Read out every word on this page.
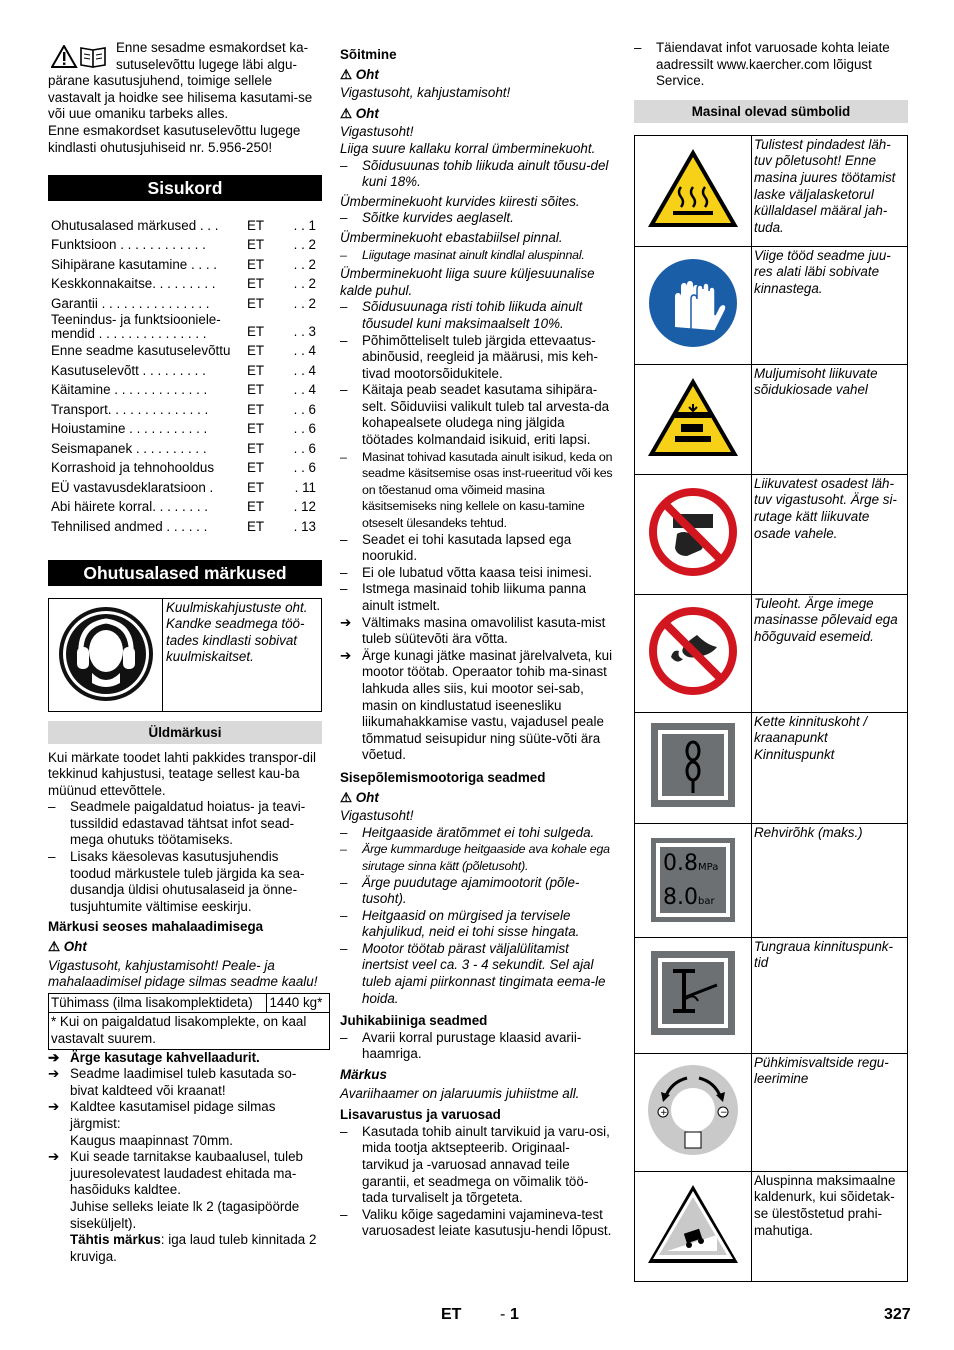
Enne sesadme esmakordset ka-

sutuselevõttu lugege läbi algu-

pärane kasutusjuhend, toimige sellele vastavalt ja hoidke see hilisema kasutami-se või uue omaniku tarbeks alles.

Enne esmakordset kasutuselevõttu lugege kindlasti ohutusjuhiseid nr. 5.956-250!

Sisukord
Ohutusalased märkused . . .	ET	. . 1
Funktsioon . . . . . . . . . . . .	ET	. . 2
Sihipärane kasutamine . . . .	ET	. . 2
Keskkonnakaitse. . . . . . . . .	ET	. . 2
Garantii . . . . . . . . . . . . . . .	ET	. . 2
Teenindus- ja funktsiooniele-mendid . . . . . . . . . . . . . . .	ET	. . 3
Enne seadme kasutuselevõttu	ET	. . 4
Kasutuselevõtt . . . . . . . . .	ET	. . 4
Käitamine . . . . . . . . . . . . .	ET	. . 4
Transport. . . . . . . . . . . . . .	ET	. . 6
Hoiustamine . . . . . . . . . . .	ET	. . 6
Seismapanek . . . . . . . . . .	ET	. . 6
Korrashoid ja tehnohooldus	ET	. . 6
EÜ vastavusdeklaratsioon .	ET	. 11
Abi häirete korral. . . . . . . .	ET	. 12
Tehnilised andmed . . . . . .	ET	. 13
Ohutusalased märkused
Kuulmiskahjustuste oht. Kandke seadmega töö-tades kindlasti sobivat kuulmiskaitset.
Üldmärkusi

Kui märkate toodet lahti pakkides transpor-dil tekkinud kahjustusi, teatage sellest kau-ba müünud ettevõttele.

–	Seadmele paigaldatud hoiatus- ja teavi-tussildid edastavad tähtsat infot sead-mega ohutuks töötamiseks.
–	Lisaks käesolevas kasutusjuhendis toodud märkustele tuleb järgida ka sea-dusandja üldisi ohutusalaseid ja önne-tusjuhtumite vältimise eeskirju.

Märkusi seoses mahalaadimisega

⚠ Oht

Vigastusoht, kahjustamisoht! Peale- ja mahalaadimisel pidage silmas seadme kaalu!

Tühimass (ilma lisakomplektideta)	1440 kg*
* Kui on paigaldatud lisakomplekte, on kaal vastavalt suurem.
➔ Ärge kasutage kahvellaadurit.
➔ Seadme laadimisel tuleb kasutada so-bivat kaldteed või kraanat!
➔ Kaldtee kasutamisel pidage silmas järgmist:

Kaugus maapinnast 70mm.

➔ Kui seade tarnitakse kaubaalusel, tuleb juuresolevatest laudadest ehitada ma-hasõiduks kaldtee.

Juhise selleks leiate lk 2 (tagasipöörde siseküljelt).

Tähtis märkus: iga laud tuleb kinnitada 2 kruviga.

Sõitmine

⚠ Oht

Vigastusoht, kahjustamisoht!

⚠ Oht

Vigastusoht!

Liiga suure kallaku korral ümberminekuoht.

–	Sõidusuunas tohib liikuda ainult tõusu-del kuni 18%.

Ümberminekuoht kurvides kiiresti sõites.

–	Sõitke kurvides aeglaselt.

Ümberminekuoht ebastabiilsel pinnal.

–	Liigutage masinat ainult kindlal aluspinnal.

Ümberminekuoht liiga suure küljesuunalise kalde puhul.

–	Sõidusuunaga risti tohib liikuda ainult tõusudel kuni maksimaalselt 10%.
–	Põhimõtteliselt tuleb järgida ettevaatus-abinõusid, reegleid ja määrusi, mis keh-tivad mootorsõidukitele.
–	Käitaja peab seadet kasutama sihipära-selt. Sõiduviisi valikult tuleb tal arvesta-da kohapealsete oludega ning jälgida töötades kolmandaid isikuid, eriti lapsi.
–	Masinat tohivad kasutada ainult isikud, keda on seadme käsitsemise osas inst-rueeritud või kes on tõestanud oma võimeid masina käsitsemiseks ning kellele on kasu-tamine otseselt ülesandeks tehtud.
–	Seadet ei tohi kasutada lapsed ega noorukid.
–	Ei ole lubatud võtta kaasa teisi inimesi.
–	Istmega masinaid tohib liikuma panna ainult istmelt.
➔ Vältimaks masina omavolilist kasuta-mist tuleb süütevõti ära võtta.
➔ Ärge kunagi jätke masinat järelvalveta, kui mootor töötab. Operaator tohib ma-sinast lahkuda alles siis, kui mootor sei-sab, masin on kindlustatud iseenesliku liikumahakkamise vastu, vajadusel peale tõmmatud seisupidur ning süüte-võti ära võetud.

Sisepõlemismootoriga seadmed

⚠ Oht

Vigastusoht!

–	Heitgaaside äratõmmet ei tohi sulgeda.
–	Ärge kummarduge heitgaaside ava kohale ega sirutage sinna kätt (põletusoht).
–	Ärge puudutage ajamimootorit (põle-tusoht).
–	Heitgaasid on mürgised ja tervisele kahjulikud, neid ei tohi sisse hingata.
–	Mootor töötab pärast väljalülitamist inertsist veel ca. 3 - 4 sekundit. Sel ajal tuleb ajami piirkonnast tingimata eema-le hoida.

Juhikabiiniga seadmed

–	Avarii korral purustage klaasid avarii-haamriga.

Märkus

Avariihaamer on jalaruumis juhiistme all.

Lisavarustus ja varuosad

–	Kasutada tohib ainult tarvikuid ja varu-osi, mida tootja aktsepteerib. Originaal-tarvikud ja -varuosad annavad teile garantii, et seadmega on võimalik töö-tada turvaliselt ja tõrgeteta.
–	Valiku kõige sagedamini vajamineva-test varuosadest leiate kasutusju-hendi lõpust.
–	Täiendavat infot varuosade kohta leiate aadressilt www.kaercher.com lõigust Service.
Masinal olevad sümbolid
	Tulistest pindadest läh-tuv põletusoht! Enne masina juures töötamist laske väljalasketorul küllaldasel määral jah-tuda.
	Viige tööd seadme juu-res alati läbi sobivate kinnastega.
	Muljumisoht liikuvate sõidukiosade vahel
	Liikuvatest osadest läh-tuv vigastusoht. Ärge si-rutage kätt liikuvate osade vahele.
	Tuleoht. Ärge imege masinasse põlevaid ega hõõguvaid esemeid.
	Kette kinnituskoht / kraanapunkt Kinnituspunkt

0.8MPa
8.0bar	Rehvirõhk (maks.)
	Tungraua kinnituspunk-tid

+ −	Pühkimisvaltside regu-leerimine
	Aluspinna maksimaalne kaldenurk, kui sõidetak-se ülestõstetud prahi-mahutiga.
ET - 1	327
